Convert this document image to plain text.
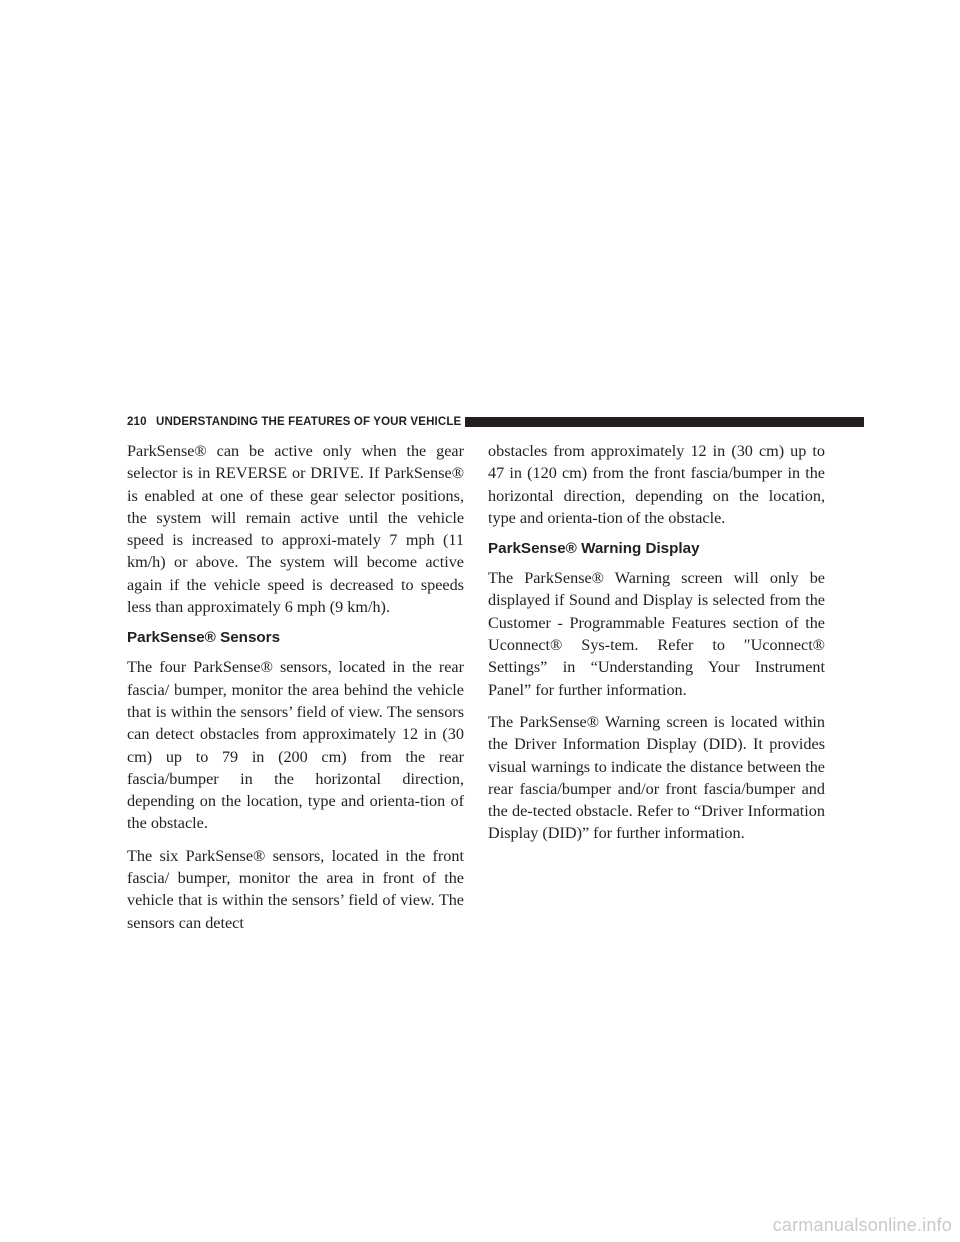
210 UNDERSTANDING THE FEATURES OF YOUR VEHICLE

ParkSense® can be active only when the gear selector is in REVERSE or DRIVE. If ParkSense® is enabled at one of these gear selector positions, the system will remain active until the vehicle speed is increased to approxi-mately 7 mph (11 km/h) or above. The system will become active again if the vehicle speed is decreased to speeds less than approximately 6 mph (9 km/h).

ParkSense® Sensors

The four ParkSense® sensors, located in the rear fascia/ bumper, monitor the area behind the vehicle that is within the sensors’ field of view. The sensors can detect obstacles from approximately 12 in (30 cm) up to 79 in (200 cm) from the rear fascia/bumper in the horizontal direction, depending on the location, type and orienta-tion of the obstacle.

The six ParkSense® sensors, located in the front fascia/ bumper, monitor the area in front of the vehicle that is within the sensors’ field of view. The sensors can detect

obstacles from approximately 12 in (30 cm) up to 47 in (120 cm) from the front fascia/bumper in the horizontal direction, depending on the location, type and orienta-tion of the obstacle.

ParkSense® Warning Display

The ParkSense® Warning screen will only be displayed if Sound and Display is selected from the Customer - Programmable Features section of the Uconnect® Sys-tem. Refer to ″Uconnect® Settings” in “Understanding Your Instrument Panel” for further information.

The ParkSense® Warning screen is located within the Driver Information Display (DID). It provides visual warnings to indicate the distance between the rear fascia/bumper and/or front fascia/bumper and the de-tected obstacle. Refer to “Driver Information Display (DID)” for further information.

carmanualsonline.info
